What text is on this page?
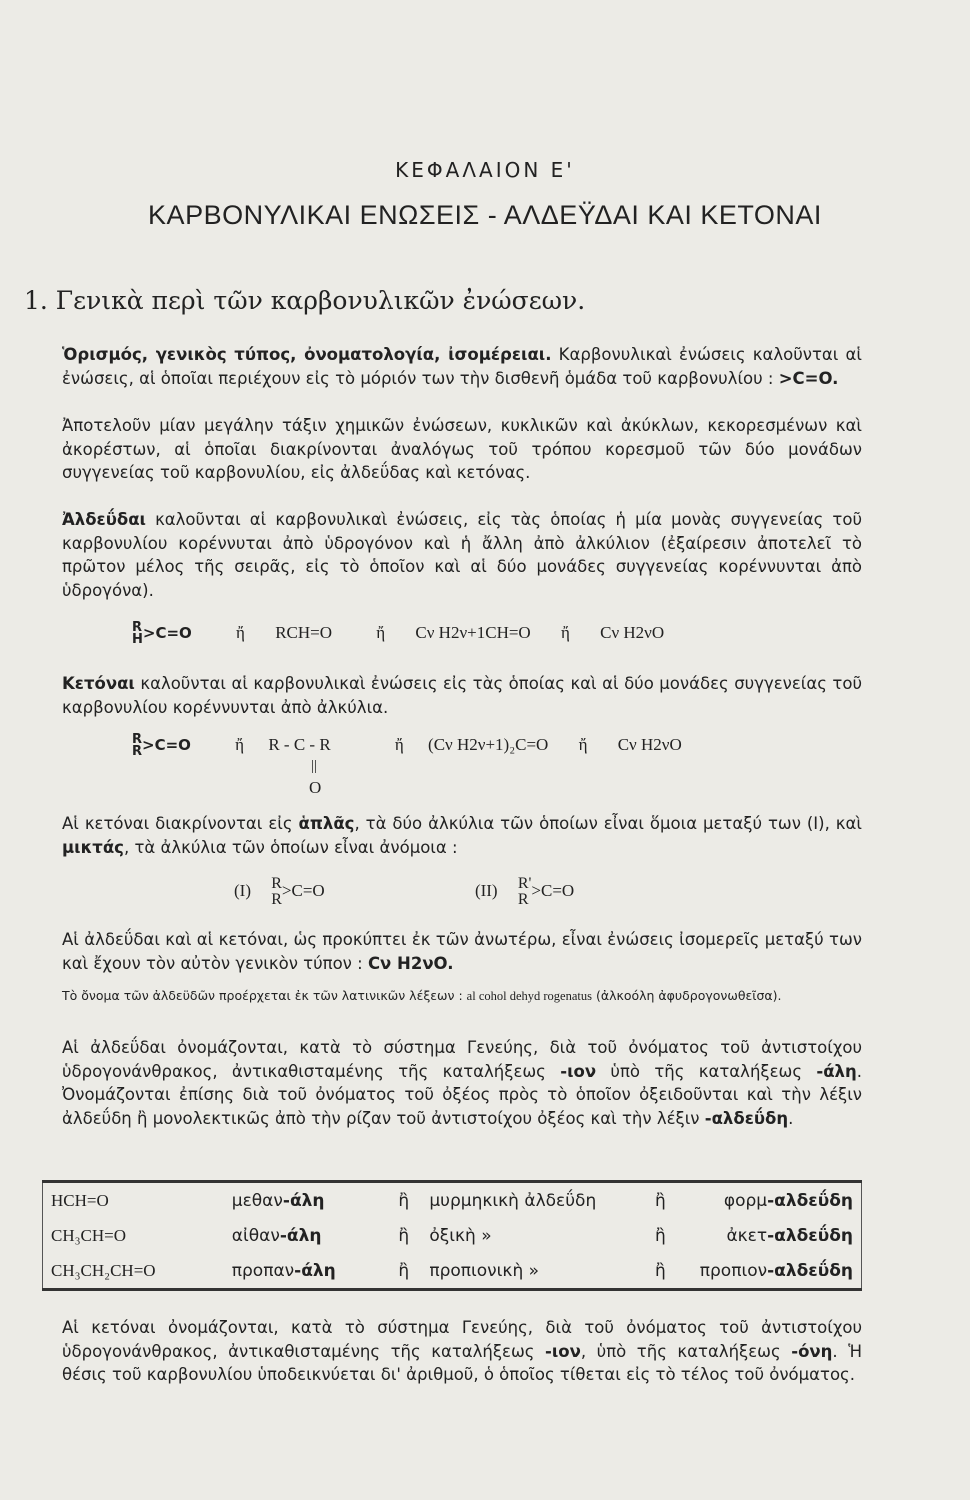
ΚΕΦΑΛΑΙΟΝ Ε'
ΚΑΡΒΟΝΥΛΙΚΑΙ ΕΝΩΣΕΙΣ - ΑΛΔΕΫΔΑΙ ΚΑΙ ΚΕΤΟΝΑΙ
1. Γενικὰ περὶ τῶν καρβονυλικῶν ἐνώσεων.
Ὁρισμός, γενικὸς τύπος, ὀνοματολογία, ἰσομέρειαι. Καρβονυλικαὶ ἐνώσεις καλοῦνται αἱ ἐνώσεις, αἱ ὁποῖαι περιέχουν εἰς τὸ μόριόν των τὴν δισθενῆ ὁμάδα τοῦ καρβονυλίου : >C=O.
Ἀποτελοῦν μίαν μεγάλην τάξιν χημικῶν ἐνώσεων, κυκλικῶν καὶ ἀκύκλων, κεκορεσμένων καὶ ἀκορέστων, αἱ ὁποῖαι διακρίνονται ἀναλόγως τοῦ τρόπου κορεσμοῦ τῶν δύο μονάδων συγγενείας τοῦ καρβονυλίου, εἰς ἀλδεΰδας καὶ κετόνας.
Ἀλδεΰδαι καλοῦνται αἱ καρβονυλικαὶ ἐνώσεις, εἰς τὰς ὁποίας ἡ μία μονὰς συγγενείας τοῦ καρβονυλίου κορέννυται ἀπὸ ὑδρογόνον καὶ ἡ ἄλλη ἀπὸ ἀλκύλιον (ἐξαίρεσιν ἀποτελεῖ τὸ πρῶτον μέλος τῆς σειρᾶς, εἰς τὸ ὁποῖον καὶ αἱ δύο μονάδες συγγενείας κορέννυνται ἀπὸ ὑδρογόνα).
R
H>C=O	ἤ RCH=O	ἤ Cν H2ν+1CH=O ἤ Cν H2νO
Κετόναι καλοῦνται αἱ καρβονυλικαὶ ἐνώσεις εἰς τὰς ὁποίας καὶ αἱ δύο μονάδες συγγενείας τοῦ καρβονυλίου κορέννυνται ἀπὸ ἀλκύλια.
R
R>C=O	ἤ R - C - R	ἤ (Cν H2ν+1)₂C=O ἤ Cν H2νO
||
O
Αἱ κετόναι διακρίνονται εἰς ἁπλᾶς, τὰ δύο ἀλκύλια τῶν ὁποίων εἶναι ὅμοια μεταξύ των (I), καὶ μικτάς, τὰ ἀλκύλια τῶν ὁποίων εἶναι ἀνόμοια :
(I) R
R>C=O	(II) R'
R >C=O
Αἱ ἀλδεΰδαι καὶ αἱ κετόναι, ὡς προκύπτει ἐκ τῶν ἀνωτέρω, εἶναι ἐνώσεις ἰσομερεῖς μεταξύ των καὶ ἔχουν τὸν αὐτὸν γενικὸν τύπον : Cν H2νO.
Τὸ ὄνομα τῶν ἀλδεϋδῶν προέρχεται ἐκ τῶν λατινικῶν λέξεων : al cohol dehyd rogenatus (ἀλκοόλη ἀφυδρογονωθεῖσα).
Αἱ ἀλδεΰδαι ὀνομάζονται, κατὰ τὸ σύστημα Γενεύης, διὰ τοῦ ὀνόματος τοῦ ἀντιστοίχου ὑδρογονάνθρακος, ἀντικαθισταμένης τῆς καταλήξεως -ιον ὑπὸ τῆς καταλήξεως -άλη. Ὀνομάζονται ἐπίσης διὰ τοῦ ὀνόματος τοῦ ὀξέος πρὸς τὸ ὁποῖον ὀξειδοῦνται καὶ τὴν λέξιν ἀλδεΰδη ἢ μονολεκτικῶς ἀπὸ τὴν ρίζαν τοῦ ἀντιστοίχου ὀξέος καὶ τὴν λέξιν -αλδεΰδη.
HCH=O	μεθαν-άλη	ἢ	μυρμηκικὴ ἀλδεΰδη	ἢ	φορμ-αλδεΰδη
CH₃CH=O	αἰθαν-άλη	ἢ	ὀξικὴ »	ἢ	ἀκετ-αλδεΰδη
CH₃CH₂CH=O	προπαν-άλη	ἢ	προπιονικὴ »	ἢ	προπιον-αλδεΰδη
Αἱ κετόναι ὀνομάζονται, κατὰ τὸ σύστημα Γενεύης, διὰ τοῦ ὀνόματος τοῦ ἀντιστοίχου ὑδρογονάνθρακος, ἀντικαθισταμένης τῆς καταλήξεως -ιον, ὑπὸ τῆς καταλήξεως -όνη. Ἡ θέσις τοῦ καρβονυλίου ὑποδεικνύεται δι' ἀριθμοῦ, ὁ ὁποῖος τίθεται εἰς τὸ τέλος τοῦ ὀνόματος.
